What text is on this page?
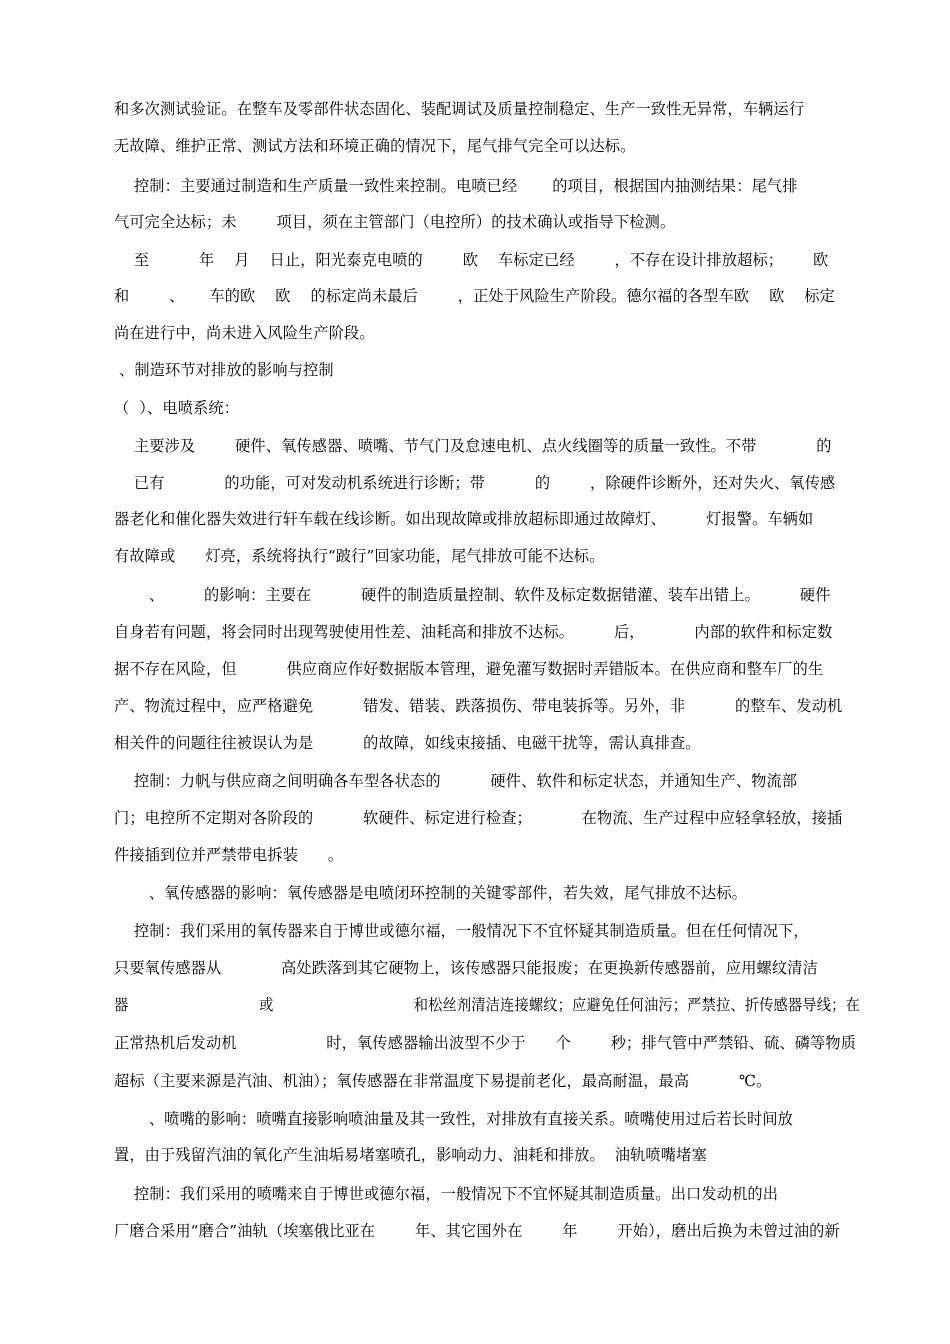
和多次测试验证。在整车及零部件状态固化、装配调试及质量控制稳定、生产一致性无异常，车辆运行
无故障、维护正常、测试方法和环境正确的情况下，尾气排气完全可以达标。
控制：主要通过制造和生产质量一致性来控制。电喷已经       的项目，根据国内抽测结果：尾气排
气可完全达标；未        项目，须在主管部门（电控所）的技术确认或指导下检测。
至          年    月    日止，阳光泰克电喷的        欧    车标定已经        ，不存在设计排放超标；      欧
和        、     车的欧    欧    的标定尚未最后        ，正处于风险生产阶段。德尔福的各型车欧    欧    标定
尚在进行中，尚未进入风险生产阶段。
、制造环节对排放的影响与控制
（  ）、电喷系统：
主要涉及        硬件、氧传感器、喷嘴、节气门及怠速电机、点火线圈等的质量一致性。不带            的
已有            的功能，可对发动机系统进行诊断；带          的        ，除硬件诊断外，还对失火、氧传感
器老化和催化器失效进行轩车载在线诊断。如出现故障或排放超标即通过故障灯、        灯报警。车辆如
有故障或      灯亮，系统将执行“跛行”回家功能，尾气排放可能不达标。
、        的影响：主要在          硬件的制造质量控制、软件及标定数据错灌、装车出错上。        硬件
自身若有问题，将会同时出现驾驶使用性差、油耗高和排放不达标。        后，          内部的软件和标定数
据不存在风险，但          供应商应作好数据版本管理，避免灌写数据时弄错版本。在供应商和整车厂的生
产、物流过程中，应严格避免          错发、错装、跌落损伤、带电装拆等。另外，非          的整车、发动机
相关件的问题往往被误认为是          的故障，如线束接插、电磁干扰等，需认真排查。
控制：力帆与供应商之间明确各车型各状态的          硬件、软件和标定状态，并通知生产、物流部
门；电控所不定期对各阶段的          软硬件、标定进行检查；          在物流、生产过程中应轻拿轻放，接插
件接插到位并严禁带电拆装      。
、氧传感器的影响：氧传感器是电喷闭环控制的关键零部件，若失效，尾气排放不达标。
控制：我们采用的氧传器来自于博世或德尔福，一般情况下不宜怀疑其制造质量。但在任何情况下，
只要氧传感器从            高处跌落到其它硬物上，该传感器只能报废；在更换新传感器前，应用螺纹清洁
器                            或                              和松丝剂清洁连接螺纹；应避免任何油污；严禁拉、折传感器导线；在
正常热机后发动机                  时，氧传感器输出波型不少于      个        秒；排气管中严禁铅、硫、磷等物质
超标（主要来源是汽油、机油）；氧传感器在非常温度下易提前老化，最高耐温，最高          ℃。
、喷嘴的影响：喷嘴直接影响喷油量及其一致性，对排放有直接关系。喷嘴使用过后若长时间放
置，由于残留汽油的氧化产生油垢易堵塞喷孔，影响动力、油耗和排放。  油轨喷嘴堵塞
控制：我们采用的喷嘴来自于博世或德尔福，一般情况下不宜怀疑其制造质量。出口发动机的出
厂磨合采用“磨合”油轨（埃塞俄比亚在        年、其它国外在        年        开始），磨出后换为未曾过油的新
